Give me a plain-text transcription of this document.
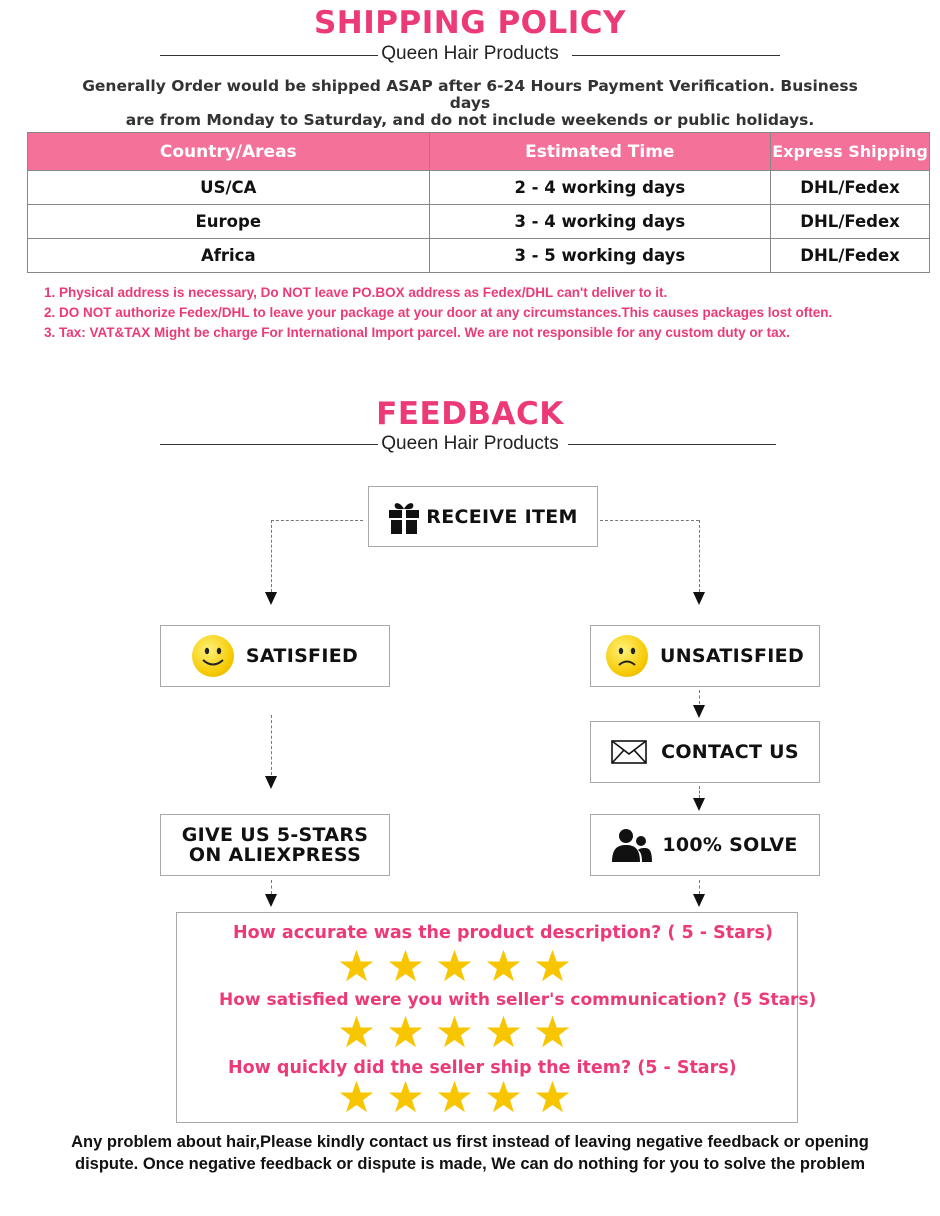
SHIPPING POLICY
Queen Hair Products
Generally Order would be shipped ASAP after 6-24 Hours Payment Verification. Business days
are from Monday to Saturday, and do not include weekends or public holidays.
Country/Areas	Estimated Time	Express Shipping
US/CA	2 - 4 working days	DHL/Fedex
Europe	3 - 4 working days	DHL/Fedex
Africa	3 - 5 working days	DHL/Fedex
1. Physical address is necessary, Do NOT leave PO.BOX address as Fedex/DHL can't deliver to it.
2. DO NOT authorize Fedex/DHL to leave your package at your door at any circumstances.This causes packages lost often.
3. Tax: VAT&TAX Might be charge For International Import parcel. We are not responsible for any custom duty or tax.
FEEDBACK
Queen Hair Products
RECEIVE ITEM
SATISFIED	UNSATISFIED
CONTACT US
100% SOLVE
GIVE US 5-STARS
ON ALIEXPRESS
How accurate was the product description? ( 5 - Stars)
How satisfied were you with seller's communication? (5 Stars)
How quickly did the seller ship the item? (5 - Stars)
Any problem about hair,Please kindly contact us first instead of leaving negative feedback or opening
dispute. Once negative feedback or dispute is made, We can do nothing for you to solve the problem
